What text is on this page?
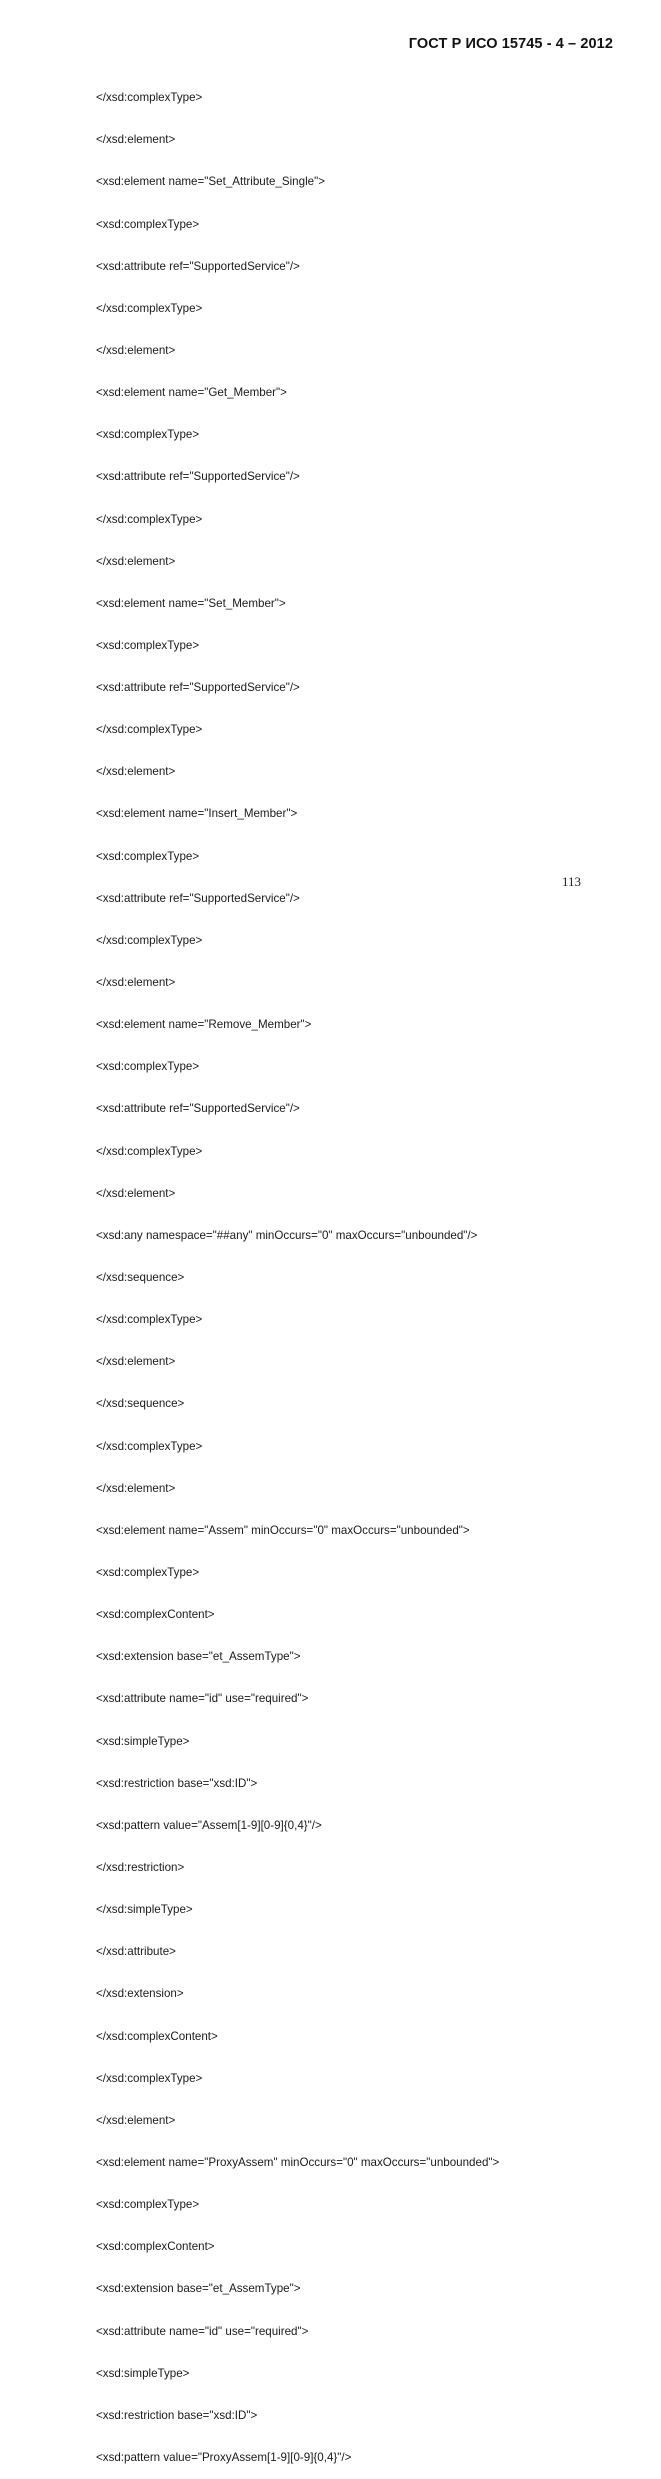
ГОСТ Р ИСО 15745 - 4 – 2012

</xsd:complexType>

</xsd:element>

<xsd:element name="Set_Attribute_Single">

<xsd:complexType>

<xsd:attribute ref="SupportedService"/>

</xsd:complexType>

</xsd:element>

<xsd:element name="Get_Member">

<xsd:complexType>

<xsd:attribute ref="SupportedService"/>

</xsd:complexType>

</xsd:element>

<xsd:element name="Set_Member">

<xsd:complexType>

<xsd:attribute ref="SupportedService"/>

</xsd:complexType>

</xsd:element>

<xsd:element name="Insert_Member">

<xsd:complexType>

<xsd:attribute ref="SupportedService"/>

</xsd:complexType>

</xsd:element>

<xsd:element name="Remove_Member">

<xsd:complexType>

<xsd:attribute ref="SupportedService"/>

</xsd:complexType>

</xsd:element>

<xsd:any namespace="##any" minOccurs="0" maxOccurs="unbounded"/>

</xsd:sequence>

</xsd:complexType>

</xsd:element>

</xsd:sequence>

</xsd:complexType>

</xsd:element>

<xsd:element name="Assem" minOccurs="0" maxOccurs="unbounded">

<xsd:complexType>

<xsd:complexContent>

<xsd:extension base="et_AssemType">

<xsd:attribute name="id" use="required">

<xsd:simpleType>

<xsd:restriction base="xsd:ID">

<xsd:pattern value="Assem[1-9][0-9]{0,4}"/>

</xsd:restriction>

</xsd:simpleType>

</xsd:attribute>

</xsd:extension>

</xsd:complexContent>

</xsd:complexType>

</xsd:element>

<xsd:element name="ProxyAssem" minOccurs="0" maxOccurs="unbounded">

<xsd:complexType>

<xsd:complexContent>

<xsd:extension base="et_AssemType">

<xsd:attribute name="id" use="required">

<xsd:simpleType>

<xsd:restriction base="xsd:ID">

<xsd:pattern value="ProxyAssem[1-9][0-9]{0,4}"/>

113
